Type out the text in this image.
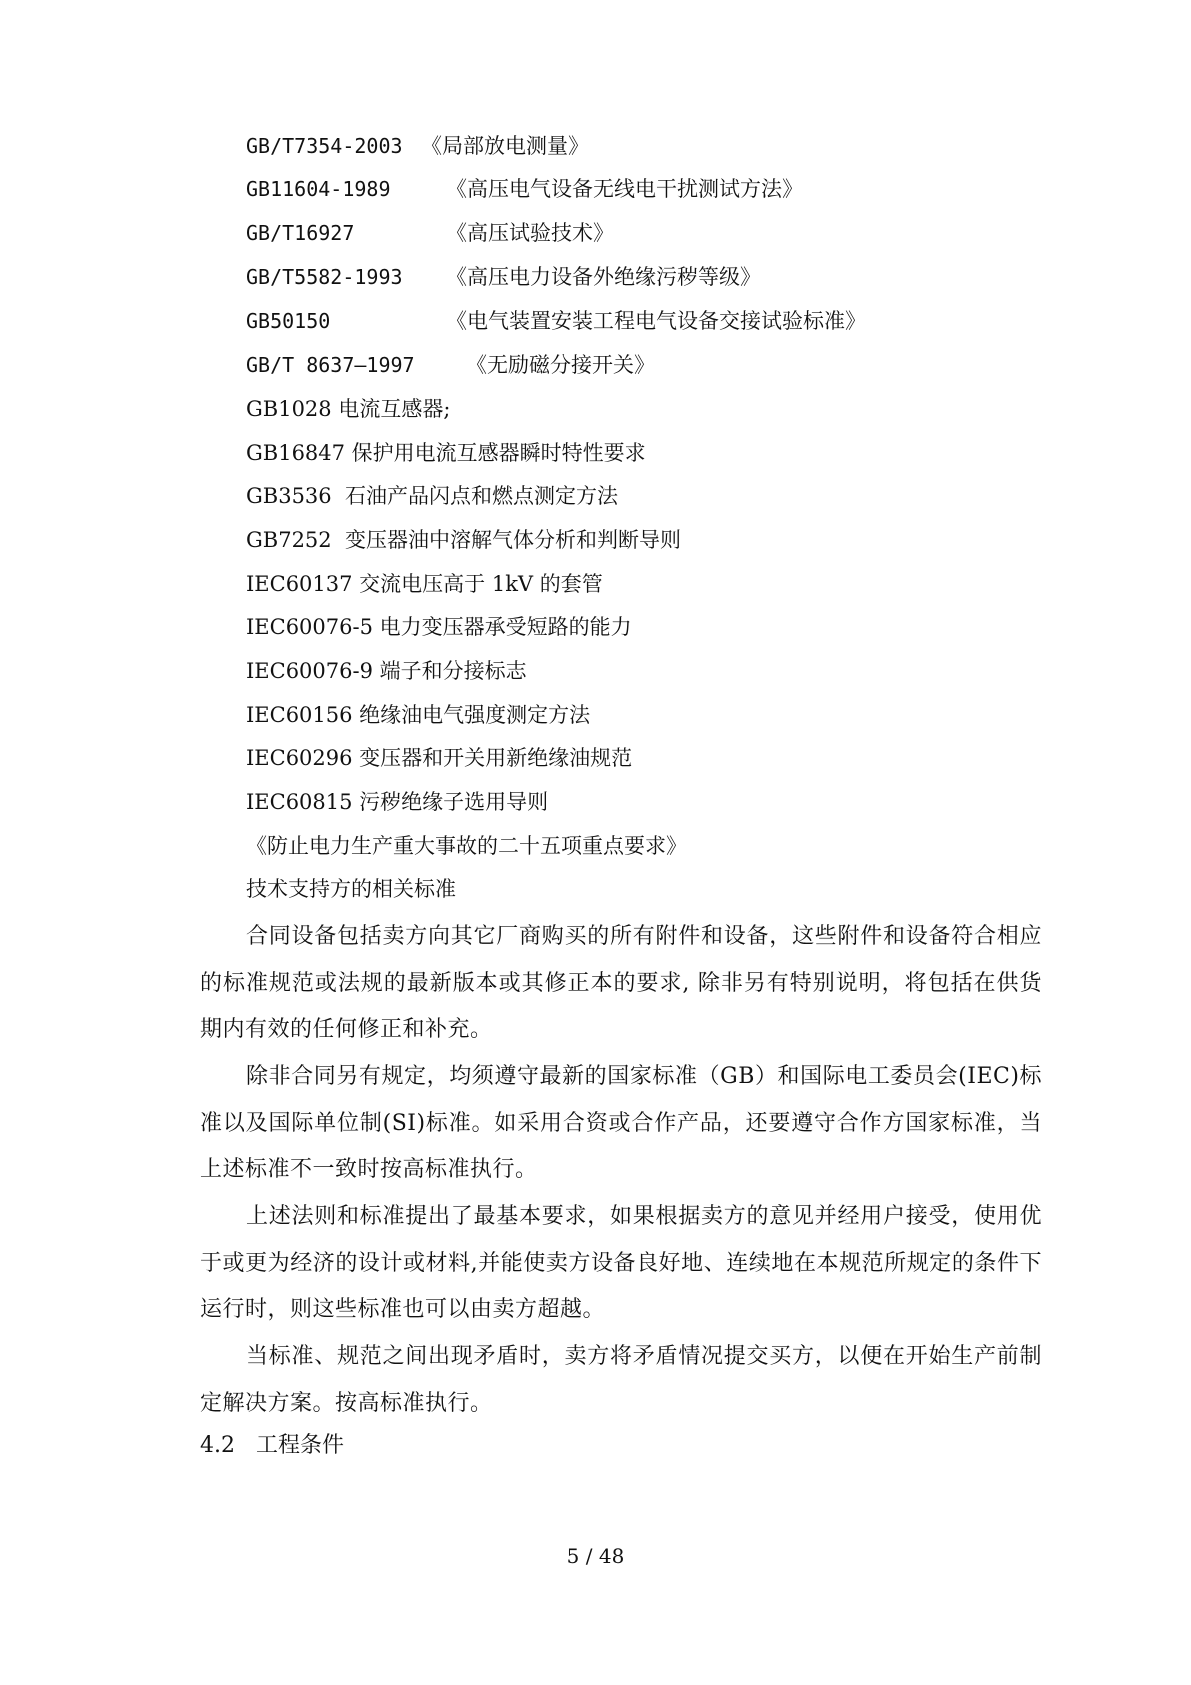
GB/T7354-2003 《局部放电测量》
GB11604-1989	《高压电气设备无线电干扰测试方法》
GB/T16927	《高压试验技术》
GB/T5582-1993 《高压电力设备外绝缘污秽等级》
GB50150	《电气装置安装工程电气设备交接试验标准》
GB/T 8637—1997 《无励磁分接开关》
GB1028 电流互感器;
GB16847 保护用电流互感器瞬时特性要求
GB3536  石油产品闪点和燃点测定方法
GB7252  变压器油中溶解气体分析和判断导则
IEC60137 交流电压高于 1kV 的套管
IEC60076-5 电力变压器承受短路的能力
IEC60076-9 端子和分接标志
IEC60156 绝缘油电气强度测定方法
IEC60296 变压器和开关用新绝缘油规范
IEC60815 污秽绝缘子选用导则
《防止电力生产重大事故的二十五项重点要求》
技术支持方的相关标准
合同设备包括卖方向其它厂商购买的所有附件和设备，这些附件和设备符合相应的标准规范或法规的最新版本或其修正本的要求, 除非另有特别说明，将包括在供货期内有效的任何修正和补充。
除非合同另有规定，均须遵守最新的国家标准（GB）和国际电工委员会(IEC)标准以及国际单位制(SI)标准。如采用合资或合作产品，还要遵守合作方国家标准，当上述标准不一致时按高标准执行。
上述法则和标准提出了最基本要求，如果根据卖方的意见并经用户接受，使用优于或更为经济的设计或材料,并能使卖方设备良好地、连续地在本规范所规定的条件下运行时，则这些标准也可以由卖方超越。
当标准、规范之间出现矛盾时，卖方将矛盾情况提交买方，以便在开始生产前制定解决方案。按高标准执行。
4.2   工程条件
5 / 48
